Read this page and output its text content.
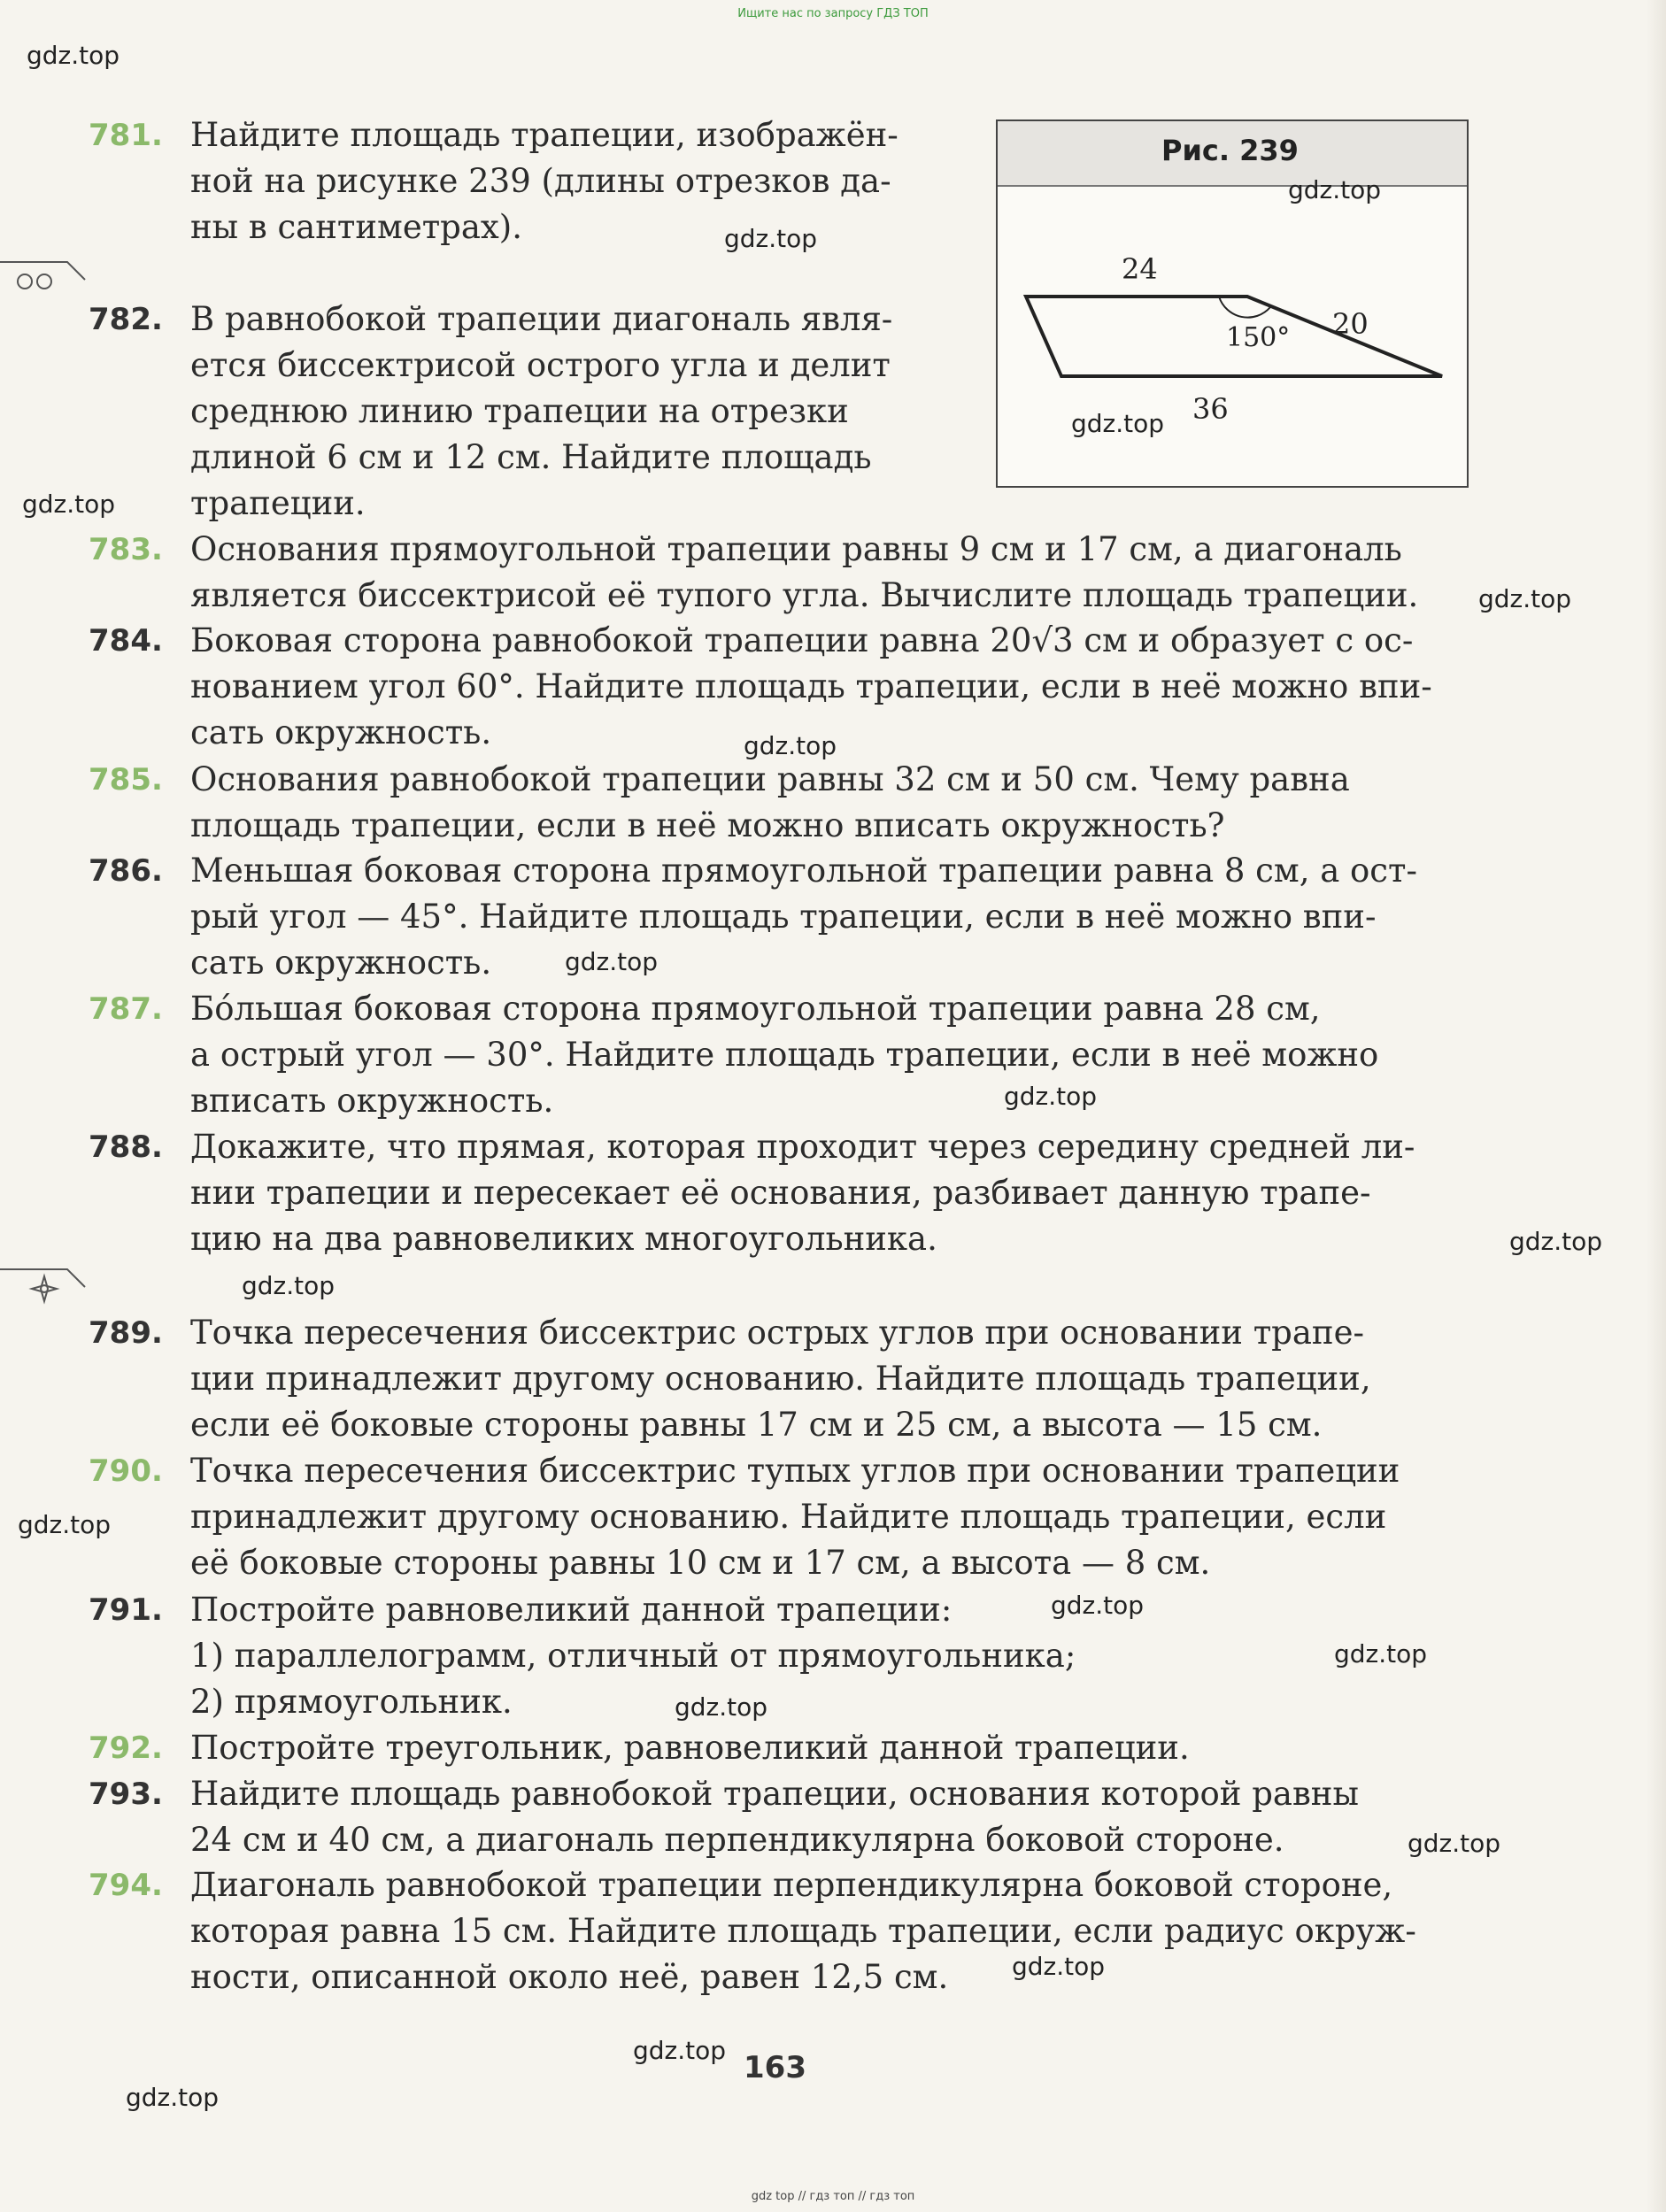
Ищите нас по запросу ГДЗ ТОП
Рис. 239
24
20
150°
36
781. Найдите площадь трапеции, изображён-
ной на рисунке 239 (длины отрезков да-
ны в сантиметрах).
782. В равнобокой трапеции диагональ явля-
ется биссектрисой острого угла и делит
среднюю линию трапеции на отрезки
длиной 6 см и 12 см. Найдите площадь
трапеции.
783. Основания прямоугольной трапеции равны 9 см и 17 см, а диагональ
является биссектрисой её тупого угла. Вычислите площадь трапеции.
784. Боковая сторона равнобокой трапеции равна 20√3 см и образует с ос-
нованием угол 60°. Найдите площадь трапеции, если в неё можно впи-
сать окружность.
785. Основания равнобокой трапеции равны 32 см и 50 см. Чему равна
площадь трапеции, если в неё можно вписать окружность?
786. Меньшая боковая сторона прямоугольной трапеции равна 8 см, а ост-
рый угол — 45°. Найдите площадь трапеции, если в неё можно впи-
сать окружность.
787. Бóльшая боковая сторона прямоугольной трапеции равна 28 см,
а острый угол — 30°. Найдите площадь трапеции, если в неё можно
вписать окружность.
788. Докажите, что прямая, которая проходит через середину средней ли-
нии трапеции и пересекает её основания, разбивает данную трапе-
цию на два равновеликих многоугольника.
789. Точка пересечения биссектрис острых углов при основании трапе-
ции принадлежит другому основанию. Найдите площадь трапеции,
если её боковые стороны равны 17 см и 25 см, а высота — 15 см.
790. Точка пересечения биссектрис тупых углов при основании трапеции
принадлежит другому основанию. Найдите площадь трапеции, если
её боковые стороны равны 10 см и 17 см, а высота — 8 см.
791. Постройте равновеликий данной трапеции:
1) параллелограмм, отличный от прямоугольника;
2) прямоугольник.
792. Постройте треугольник, равновеликий данной трапеции.
793. Найдите площадь равнобокой трапеции, основания которой равны
24 см и 40 см, а диагональ перпендикулярна боковой стороне.
794. Диагональ равнобокой трапеции перпендикулярна боковой стороне,
которая равна 15 см. Найдите площадь трапеции, если радиус окруж-
ности, описанной около неё, равен 12,5 см.
163
gdz.top
gdz.top
gdz.top
gdz.top
gdz.top
gdz.top
gdz.top
gdz.top
gdz.top
gdz.top
gdz.top
gdz.top
gdz.top
gdz.top
gdz.top
gdz.top
gdz.top
gdz.top
gdz.top
gdz top // гдз топ // гдз топ
